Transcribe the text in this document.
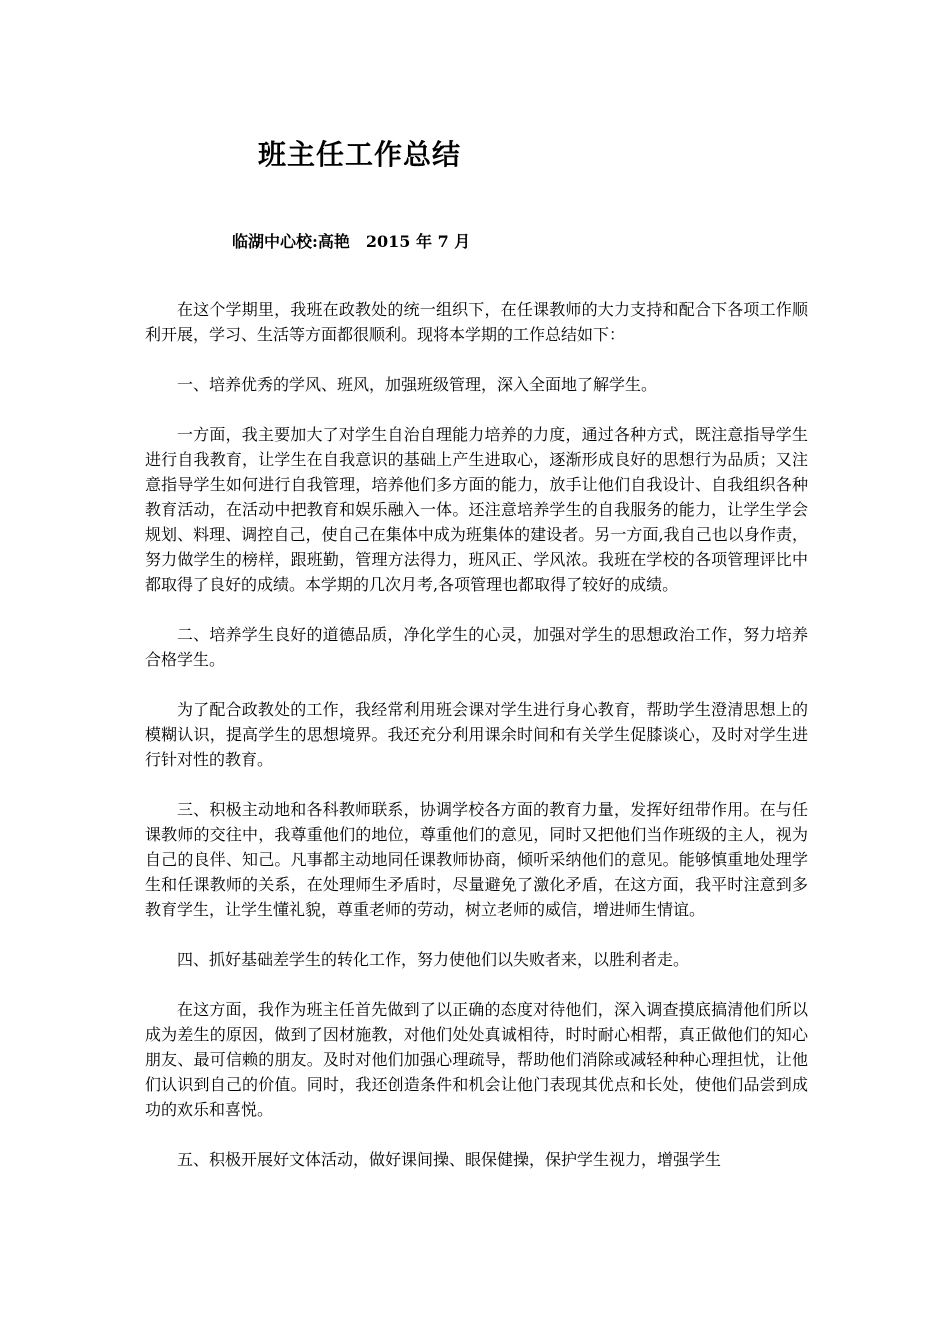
班主任工作总结
临湖中心校:高艳　2015 年 7 月

在这个学期里，我班在政教处的统一组织下，在任课教师的大力支持和配合下各项工作顺利开展，学习、生活等方面都很顺利。现将本学期的工作总结如下：

一、培养优秀的学风、班风，加强班级管理，深入全面地了解学生。

一方面，我主要加大了对学生自治自理能力培养的力度，通过各种方式，既注意指导学生进行自我教育，让学生在自我意识的基础上产生进取心，逐渐形成良好的思想行为品质；又注意指导学生如何进行自我管理，培养他们多方面的能力，放手让他们自我设计、自我组织各种教育活动，在活动中把教育和娱乐融入一体。还注意培养学生的自我服务的能力，让学生学会规划、料理、调控自己，使自己在集体中成为班集体的建设者。另一方面,我自己也以身作责，努力做学生的榜样，跟班勤，管理方法得力，班风正、学风浓。我班在学校的各项管理评比中都取得了良好的成绩。本学期的几次月考,各项管理也都取得了较好的成绩。

二、培养学生良好的道德品质，净化学生的心灵，加强对学生的思想政治工作，努力培养合格学生。

为了配合政教处的工作，我经常利用班会课对学生进行身心教育，帮助学生澄清思想上的模糊认识，提高学生的思想境界。我还充分利用课余时间和有关学生促膝谈心，及时对学生进行针对性的教育。

三、积极主动地和各科教师联系，协调学校各方面的教育力量，发挥好纽带作用。在与任课教师的交往中，我尊重他们的地位，尊重他们的意见，同时又把他们当作班级的主人，视为自己的良伴、知己。凡事都主动地同任课教师协商，倾听采纳他们的意见。能够慎重地处理学生和任课教师的关系，在处理师生矛盾时，尽量避免了激化矛盾，在这方面，我平时注意到多教育学生，让学生懂礼貌，尊重老师的劳动，树立老师的威信，增进师生情谊。

四、抓好基础差学生的转化工作，努力使他们以失败者来，以胜利者走。

在这方面，我作为班主任首先做到了以正确的态度对待他们，深入调查摸底搞清他们所以成为差生的原因，做到了因材施教，对他们处处真诚相待，时时耐心相帮，真正做他们的知心朋友、最可信赖的朋友。及时对他们加强心理疏导，帮助他们消除或减轻种种心理担忧，让他们认识到自己的价值。同时，我还创造条件和机会让他门表现其优点和长处，使他们品尝到成功的欢乐和喜悦。

五、积极开展好文体活动，做好课间操、眼保健操，保护学生视力，增强学生
